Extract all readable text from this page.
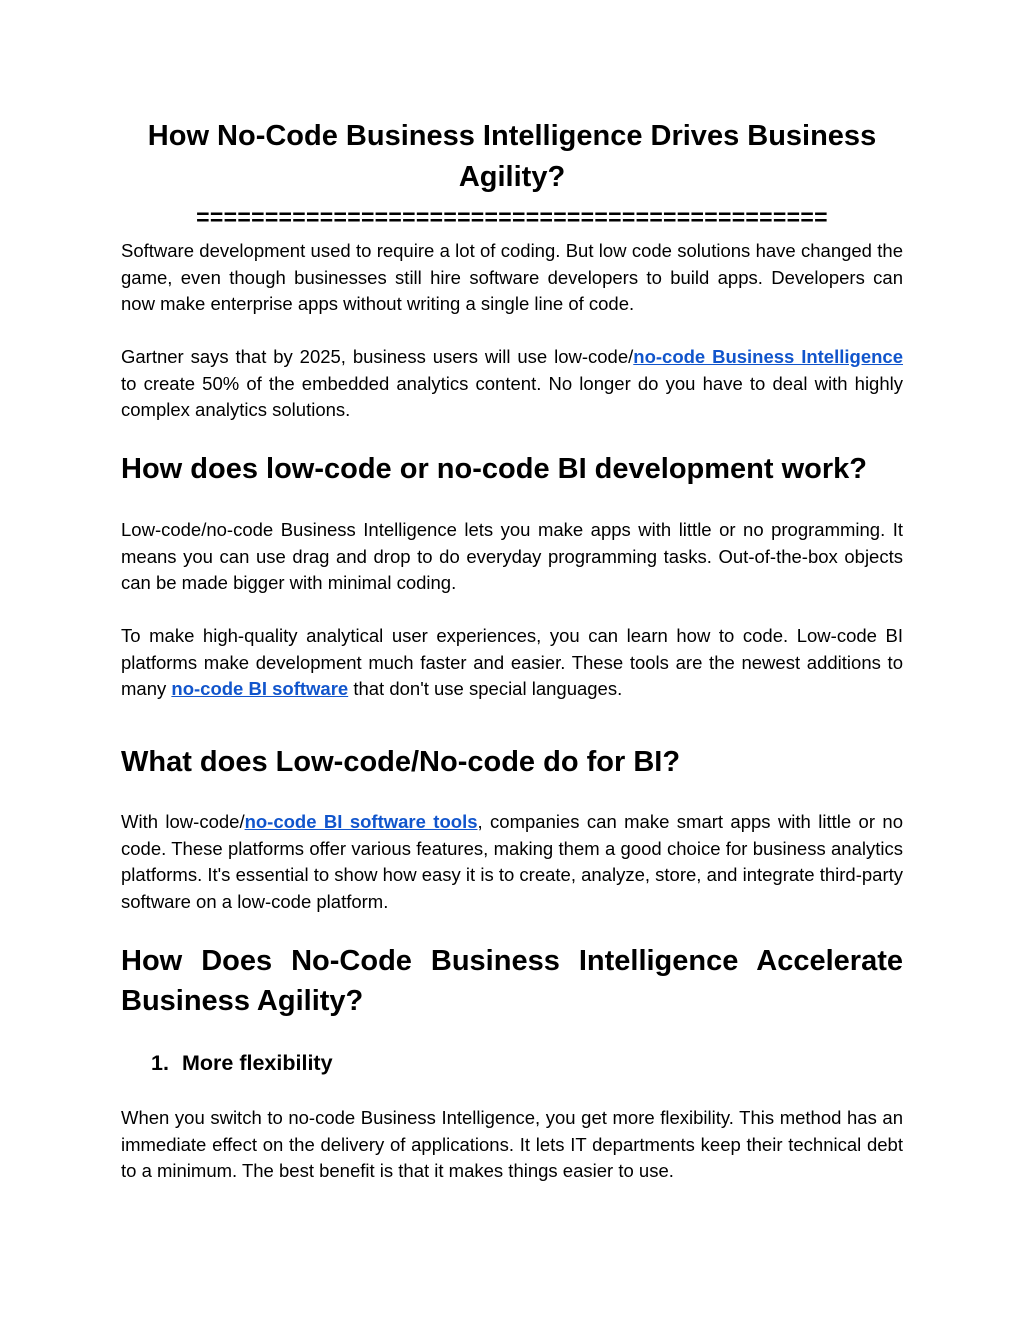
How No-Code Business Intelligence Drives Business Agility?
==============================================

Software development used to require a lot of coding. But low code solutions have changed the game, even though businesses still hire software developers to build apps. Developers can now make enterprise apps without writing a single line of code.

Gartner says that by 2025, business users will use low-code/no-code Business Intelligence to create 50% of the embedded analytics content. No longer do you have to deal with highly complex analytics solutions.

How does low-code or no-code BI development work?

Low-code/no-code Business Intelligence lets you make apps with little or no programming. It means you can use drag and drop to do everyday programming tasks. Out-of-the-box objects can be made bigger with minimal coding.

To make high-quality analytical user experiences, you can learn how to code. Low-code BI platforms make development much faster and easier. These tools are the newest additions to many no-code BI software that don't use special languages.

What does Low-code/No-code do for BI?

With low-code/no-code BI software tools, companies can make smart apps with little or no code. These platforms offer various features, making them a good choice for business analytics platforms. It's essential to show how easy it is to create, analyze, store, and integrate third-party software on a low-code platform.

How Does No-Code Business Intelligence Accelerate Business Agility?
1. More flexibility

When you switch to no-code Business Intelligence, you get more flexibility. This method has an immediate effect on the delivery of applications. It lets IT departments keep their technical debt to a minimum. The best benefit is that it makes things easier to use.
